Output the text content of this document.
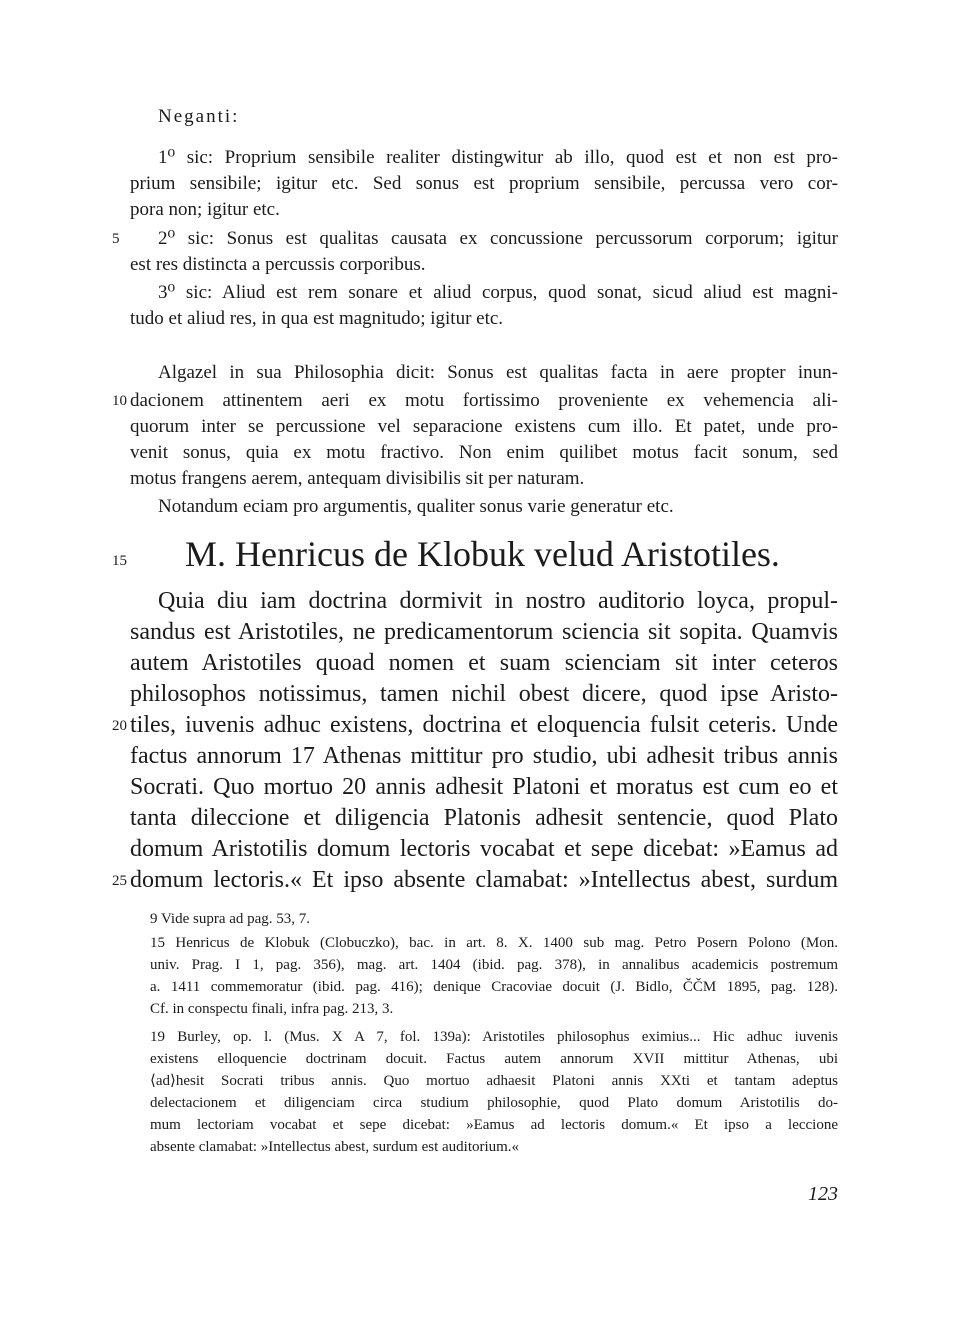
Neganti:
1⁰ sic: Proprium sensibile realiter distingwitur ab illo, quod est et non est pro-
prium sensibile; igitur etc. Sed sonus est proprium sensibile, percussa vero cor-
pora non; igitur etc.
5	2⁰ sic: Sonus est qualitas causata ex concussione percussorum corporum; igitur
est res distincta a percussis corporibus.
3⁰ sic: Aliud est rem sonare et aliud corpus, quod sonat, sicud aliud est magni-
tudo et aliud res, in qua est magnitudo; igitur etc.
Algazel in sua Philosophia dicit: Sonus est qualitas facta in aere propter inun-
10 dacionem attinentem aeri ex motu fortissimo proveniente ex vehemencia ali-
quorum inter se percussione vel separacione existens cum illo. Et patet, unde pro-
venit sonus, quia ex motu fractivo. Non enim quilibet motus facit sonum, sed
motus frangens aerem, antequam divisibilis sit per naturam.
Notandum eciam pro argumentis, qualiter sonus varie generatur etc.
15	M. Henricus de Klobuk velud Aristotiles.
Quia diu iam doctrina dormivit in nostro auditorio loyca, propul-
sandus est Aristotiles, ne predicamentorum sciencia sit sopita. Quamvis
autem Aristotiles quoad nomen et suam scienciam sit inter ceteros
philosophos notissimus, tamen nichil obest dicere, quod ipse Aristo-
20 tiles, iuvenis adhuc existens, doctrina et eloquencia fulsit ceteris. Unde
factus annorum 17 Athenas mittitur pro studio, ubi adhesit tribus annis
Socrati. Quo mortuo 20 annis adhesit Platoni et moratus est cum eo et
tanta dileccione et diligencia Platonis adhesit sentencie, quod Plato
domum Aristotilis domum lectoris vocabat et sepe dicebat: »Eamus ad
25 domum lectoris.« Et ipso absente clamabat: »Intellectus abest, surdum
9 Vide supra ad pag. 53, 7.
15 Henricus de Klobuk (Clobuczko), bac. in art. 8. X. 1400 sub mag. Petro Posern Polono (Mon.
univ. Prag. I 1, pag. 356), mag. art. 1404 (ibid. pag. 378), in annalibus academicis postremum
a. 1411 commemoratur (ibid. pag. 416); denique Cracoviae docuit (J. Bidlo, ČČM 1895, pag. 128).
Cf. in conspectu finali, infra pag. 213, 3.
19 Burley, op. l. (Mus. X A 7, fol. 139a): Aristotiles philosophus eximius... Hic adhuc iuvenis
existens elloquencie doctrinam docuit. Factus autem annorum XVII mittitur Athenas, ubi
⟨ad⟩hesit Socrati tribus annis. Quo mortuo adhaesit Platoni annis XXti et tantam adeptus
delectacionem et diligenciam circa studium philosophie, quod Plato domum Aristotilis do-
mum lectoriam vocabat et sepe dicebat: »Eamus ad lectoris domum.« Et ipso a leccione
absente clamabat: »Intellectus abest, surdum est auditorium.«
123
